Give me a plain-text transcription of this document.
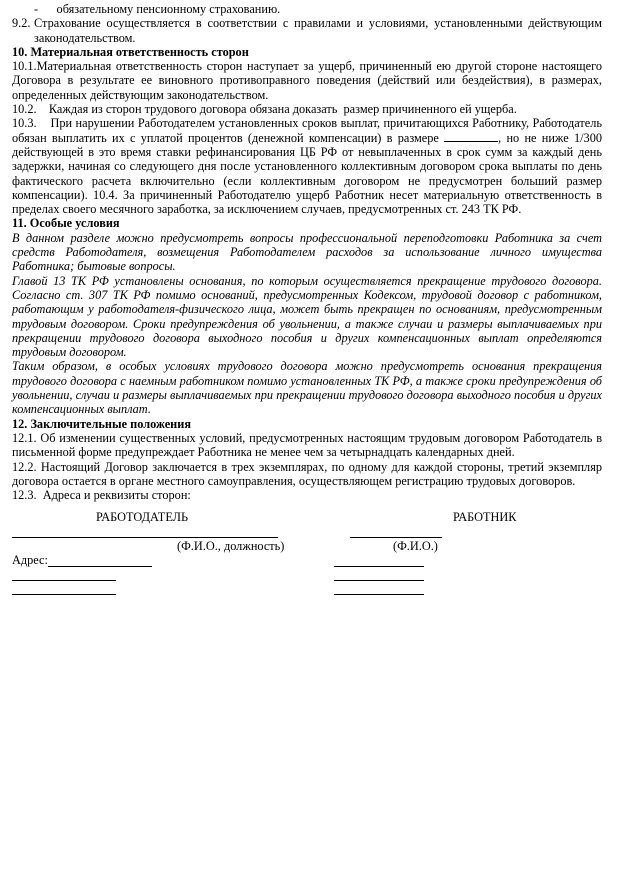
-      обязательному пенсионному страхованию.

9.2. Страхование осуществляется в соответствии с правилами и условиями, установленными действующим законодательством.
10. Материальная ответственность сторон

10.1.Материальная ответственность сторон наступает за ущерб, причиненный ею другой стороне настоящего Договора в результате ее виновного противоправного поведения (действий или бездействия), в размерах, определенных действующим законодательством.

10.2.    Каждая из сторон трудового договора обязана доказать  размер причиненного ей ущерба.

10.3.    При нарушении Работодателем установленных сроков выплат, причитающихся Работнику, Работодатель обязан выплатить их с уплатой процентов (денежной компенсации) в размере	, но не ниже 1/300 действующей в это время ставки рефинансирования ЦБ РФ от невыплаченных в срок сумм за каждый день задержки, начиная со следующего дня после установленного коллективным договором срока выплаты по день фактического расчета включительно (если коллективным договором не предусмотрен больший размер компенсации). 10.4. За причиненный Работодателю ущерб Работник несет материальную ответственность в пределах своего месячного заработка, за исключением случаев, предусмотренных ст. 243 ТК РФ.

11. Особые условия

В данном разделе можно предусмотреть вопросы профессиональной переподготовки Работника за счет средств Работодателя, возмещения Работодателем расходов за использование личного имущества Работника; бытовые вопросы.

Главой 13 ТК РФ установлены основания, по которым осуществляется прекращение трудового договора. Согласно ст. 307 ТК РФ помимо оснований, предусмотренных Кодексом, трудовой договор с работником, работающим у работодателя-физического лица, может быть прекращен по основаниям, предусмотренным трудовым договором. Сроки предупреждения об увольнении, а также случаи и размеры выплачиваемых при прекращении трудового договора выходного пособия и других компенсационных выплат определяются трудовым договором.

Таким образом, в особых условиях трудового договора можно предусмотреть основания прекращения трудового договора с наемным работником помимо установленных ТК РФ, а также сроки предупреждения об увольнении, случаи и размеры выплачиваемых при прекращении трудового договора выходного пособия и других компенсационных выплат.

12. Заключительные положения

12.1. Об изменении существенных условий, предусмотренных настоящим трудовым договором Работодатель в письменной форме предупреждает Работника не менее чем за четырнадцать календарных дней.

12.2. Настоящий Договор заключается в трех экземплярах, по одному для каждой стороны, третий экземпляр договора остается в органе местного самоуправления, осуществляющем регистрацию трудовых договоров.

12.3.  Адреса и реквизиты сторон:

РАБОТОДАТЕЛЬ	РАБОТНИК
(Ф.И.О., должность)	(Ф.И.О.)
Адрес:
